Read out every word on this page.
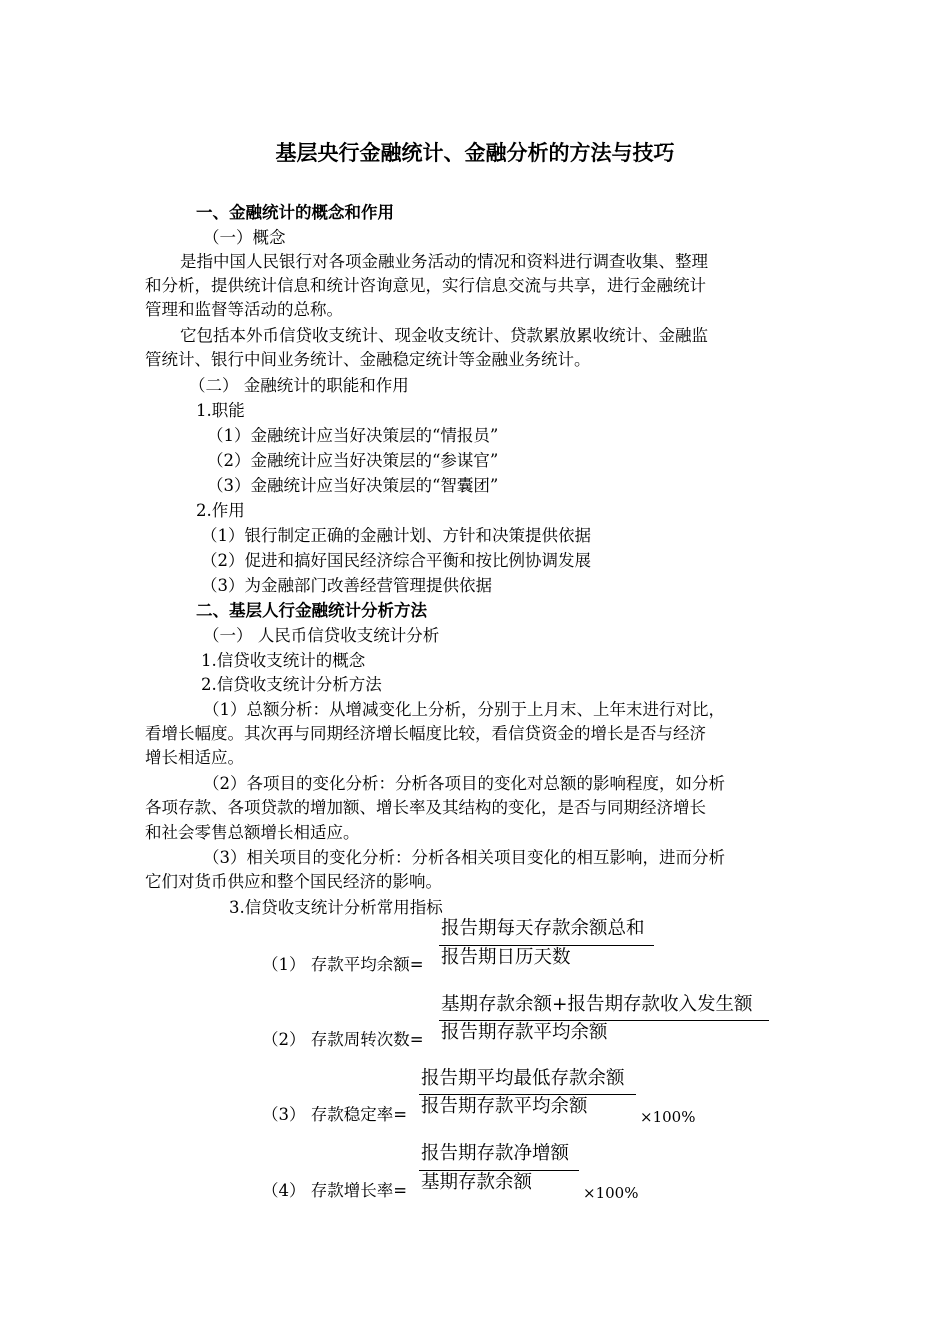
基层央行金融统计、金融分析的方法与技巧
一、金融统计的概念和作用
（一）概念
是指中国人民银行对各项金融业务活动的情况和资料进行调查收集、整理
和分析，提供统计信息和统计咨询意见，实行信息交流与共享，进行金融统计
管理和监督等活动的总称。
它包括本外币信贷收支统计、现金收支统计、贷款累放累收统计、金融监
管统计、银行中间业务统计、金融稳定统计等金融业务统计。
（二） 金融统计的职能和作用
1.职能
（1）金融统计应当好决策层的“情报员”
（2）金融统计应当好决策层的“参谋官”
（3）金融统计应当好决策层的“智囊团”
2.作用
（1）银行制定正确的金融计划、方针和决策提供依据
（2）促进和搞好国民经济综合平衡和按比例协调发展
（3）为金融部门改善经营管理提供依据
二、基层人行金融统计分析方法
（一） 人民币信贷收支统计分析
1.信贷收支统计的概念
2.信贷收支统计分析方法
（1）总额分析：从增减变化上分析，分别于上月末、上年末进行对比，
看增长幅度。其次再与同期经济增长幅度比较，看信贷资金的增长是否与经济
增长相适应。
（2）各项目的变化分析：分析各项目的变化对总额的影响程度，如分析
各项存款、各项贷款的增加额、增长率及其结构的变化，是否与同期经济增长
和社会零售总额增长相适应。
（3）相关项目的变化分析：分析各相关项目变化的相互影响，进而分析
它们对货币供应和整个国民经济的影响。
3.信贷收支统计分析常用指标
报告期每天存款余额总和
（1） 存款平均余额= 报告期日历天数
基期存款余额+报告期存款收入发生额
（2） 存款周转次数= 报告期存款平均余额
报告期平均最低存款余额
（3） 存款稳定率= 报告期存款平均余额	×100%
报告期存款净增额
（4） 存款增长率= 基期存款余额	×100%
